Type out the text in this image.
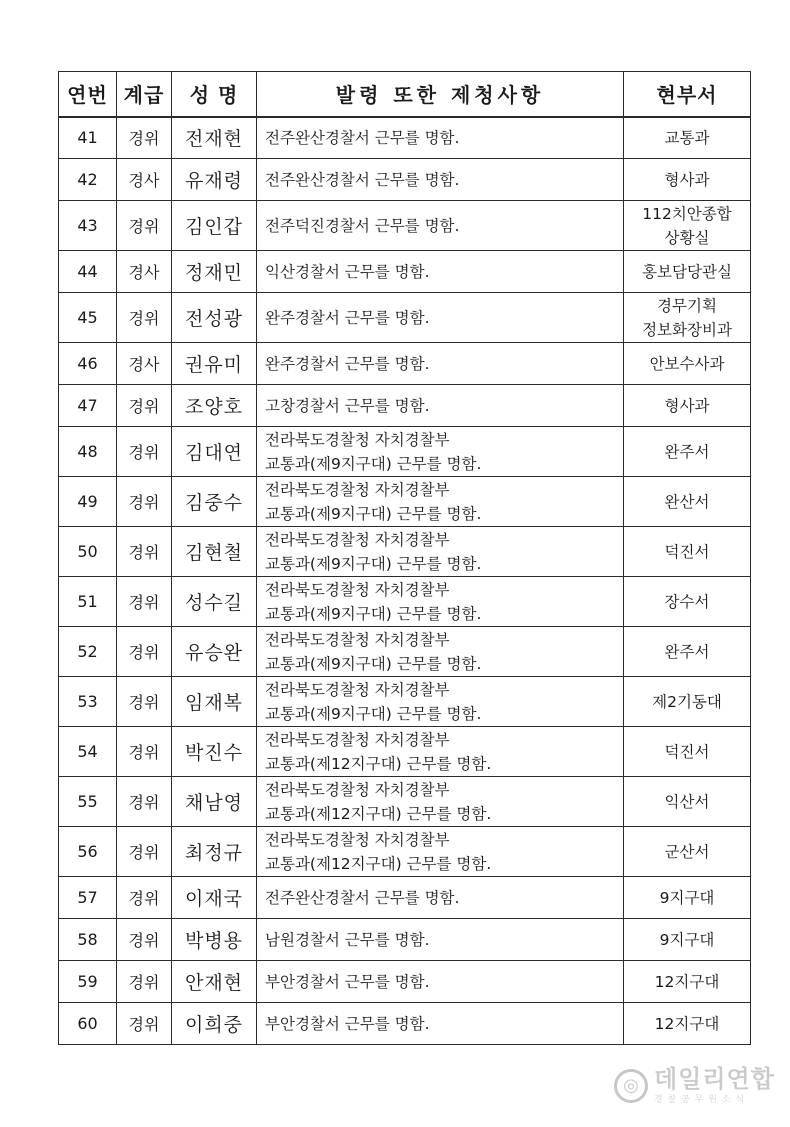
연번	계급	성 명	발령 또한 제청사항	현부서
41	경위	전재현	전주완산경찰서 근무를 명함.	교통과

42	경사	유재령	전주완산경찰서 근무를 명함.	형사과

43	경위	김인갑	전주덕진경찰서 근무를 명함.	112치안종합
상황실

44	경사	정재민	익산경찰서 근무를 명함.	홍보담당관실

45	경위	전성광	완주경찰서 근무를 명함.	경무기획
정보화장비과

46	경사	권유미	완주경찰서 근무를 명함.	안보수사과

47	경위	조양호	고창경찰서 근무를 명함.	형사과

48	경위	김대연	전라북도경찰청 자치경찰부
교통과(제9지구대) 근무를 명함.	완주서

49	경위	김중수	전라북도경찰청 자치경찰부
교통과(제9지구대) 근무를 명함.	완산서

50	경위	김현철	전라북도경찰청 자치경찰부
교통과(제9지구대) 근무를 명함.	덕진서

51	경위	성수길	전라북도경찰청 자치경찰부
교통과(제9지구대) 근무를 명함.	장수서

52	경위	유승완	전라북도경찰청 자치경찰부
교통과(제9지구대) 근무를 명함.	완주서

53	경위	임재복	전라북도경찰청 자치경찰부
교통과(제9지구대) 근무를 명함.	제2기동대

54	경위	박진수	전라북도경찰청 자치경찰부
교통과(제12지구대) 근무를 명함.	덕진서

55	경위	채남영	전라북도경찰청 자치경찰부
교통과(제12지구대) 근무를 명함.	익산서

56	경위	최정규	전라북도경찰청 자치경찰부
교통과(제12지구대) 근무를 명함.	군산서

57	경위	이재국	전주완산경찰서 근무를 명함.	9지구대

58	경위	박병용	남원경찰서 근무를 명함.	9지구대

59	경위	안재현	부안경찰서 근무를 명함.	12지구대

60	경위	이희중	부안경찰서 근무를 명함.	12지구대
◎ 데일리연합
경 찰 공 무 원 소 식
